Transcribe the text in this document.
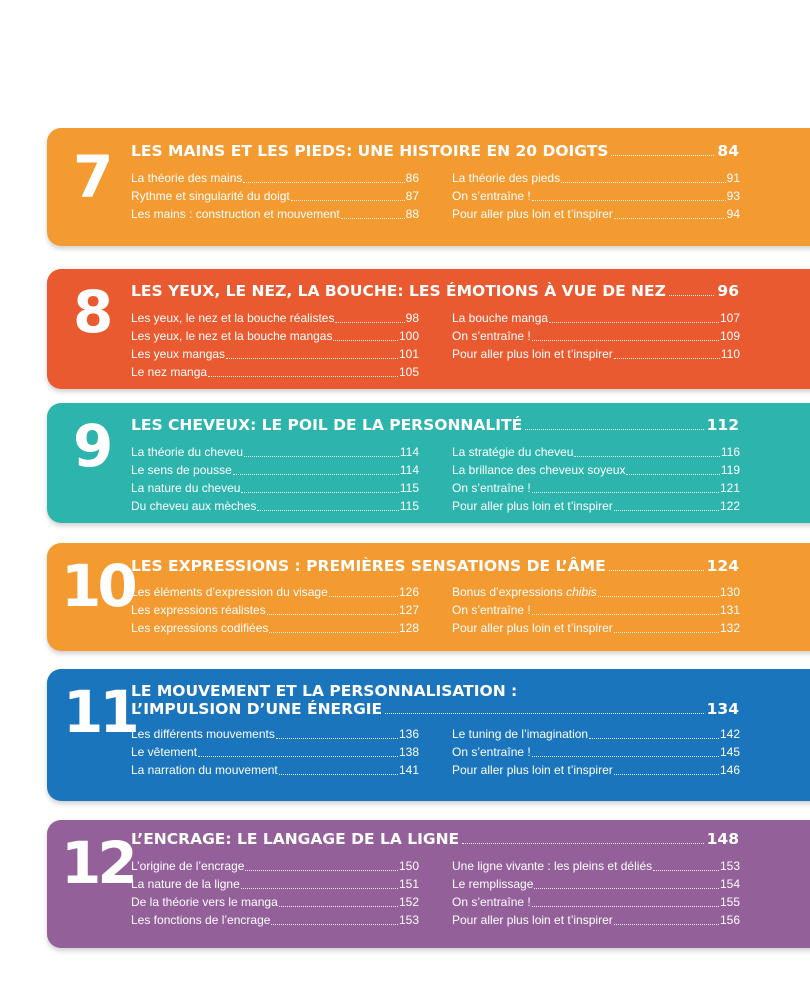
7 LES MAINS ET LES PIEDS: UNE HISTOIRE EN 20 DOIGTS	84
La théorie des mains	86
Rythme et singularité du doigt	87
Les mains : construction et mouvement	88
La théorie des pieds	91
On s’entraîne !	93
Pour aller plus loin et t’inspirer	94
8 LES YEUX, LE NEZ, LA BOUCHE: LES ÉMOTIONS À VUE DE NEZ	96
Les yeux, le nez et la bouche réalistes	98
Les yeux, le nez et la bouche mangas	100
Les yeux mangas	101
Le nez manga	105
La bouche manga	107
On s’entraîne !	109
Pour aller plus loin et t’inspirer	110
9 LES CHEVEUX: LE POIL DE LA PERSONNALITÉ	112
La théorie du cheveu	114
Le sens de pousse	114
La nature du cheveu	115
Du cheveu aux mèches	115
La stratégie du cheveu	116
La brillance des cheveux soyeux	119
On s’entraîne !	121
Pour aller plus loin et t’inspirer	122
10
LES EXPRESSIONS : PREMIÈRES SENSATIONS DE L’ÂME	124
Les éléments d’expression du visage	126
Les expressions réalistes	127
Les expressions codifiées	128
Bonus d’expressions chibis	130
On s’entraîne !	131
Pour aller plus loin et t’inspirer	132
11
LE MOUVEMENT ET LA PERSONNALISATION :
L’IMPULSION D’UNE ÉNERGIE	134
Les différents mouvements	136
Le vêtement	138
La narration du mouvement	141
Le tuning de l’imagination	142
On s’entraîne !	145
Pour aller plus loin et t’inspirer	146
12
L’ENCRAGE: LE LANGAGE DE LA LIGNE	148
L’origine de l’encrage	150
La nature de la ligne	151
De la théorie vers le manga	152
Les fonctions de l’encrage	153
Une ligne vivante : les pleins et déliés	153
Le remplissage	154
On s’entraîne !	155
Pour aller plus loin et t’inspirer	156
